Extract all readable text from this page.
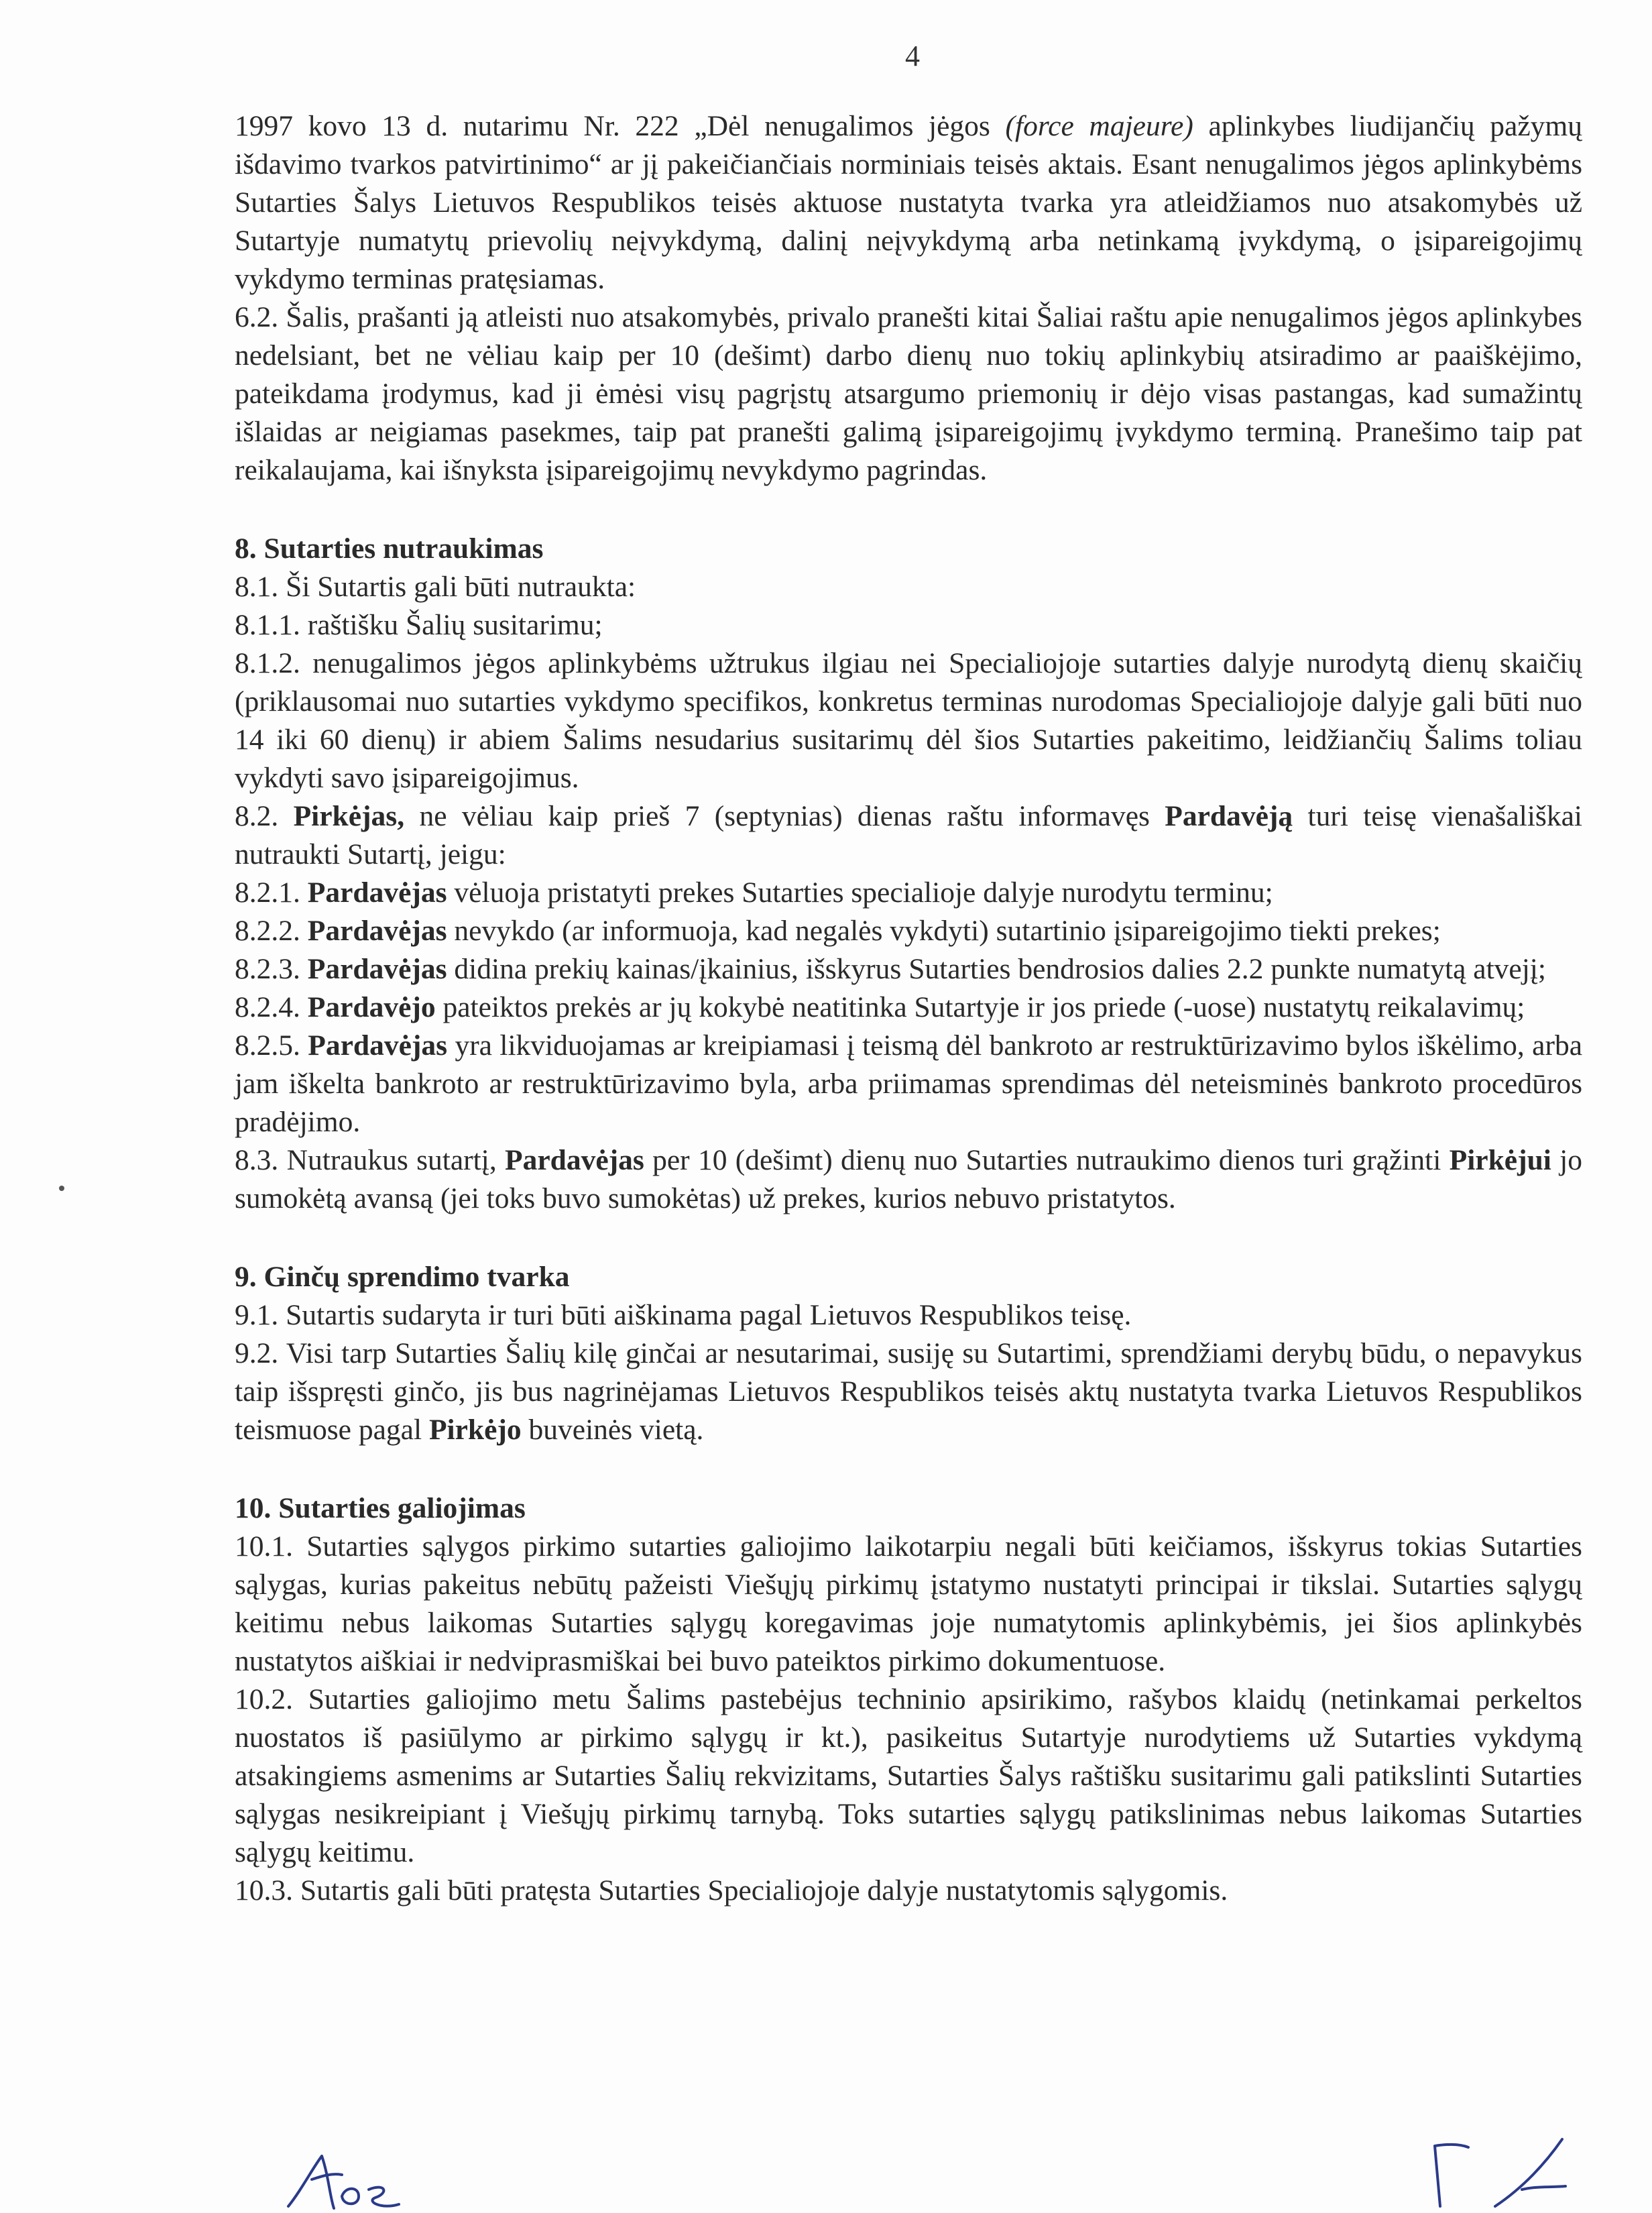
4

1997 kovo 13 d. nutarimu Nr. 222 „Dėl nenugalimos jėgos (force majeure) aplinkybes liudijančių pažymų išdavimo tvarkos patvirtinimo“ ar jį pakeičiančiais norminiais teisės aktais. Esant nenugalimos jėgos aplinkybėms Sutarties Šalys Lietuvos Respublikos teisės aktuose nustatyta tvarka yra atleidžiamos nuo atsakomybės už Sutartyje numatytų prievolių neįvykdymą, dalinį neįvykdymą arba netinkamą įvykdymą, o įsipareigojimų vykdymo terminas pratęsiamas.

6.2. Šalis, prašanti ją atleisti nuo atsakomybės, privalo pranešti kitai Šaliai raštu apie nenugalimos jėgos aplinkybes nedelsiant, bet ne vėliau kaip per 10 (dešimt) darbo dienų nuo tokių aplinkybių atsiradimo ar paaiškėjimo, pateikdama įrodymus, kad ji ėmėsi visų pagrįstų atsargumo priemonių ir dėjo visas pastangas, kad sumažintų išlaidas ar neigiamas pasekmes, taip pat pranešti galimą įsipareigojimų įvykdymo terminą. Pranešimo taip pat reikalaujama, kai išnyksta įsipareigojimų nevykdymo pagrindas.

8. Sutarties nutraukimas

8.1. Ši Sutartis gali būti nutraukta:

8.1.1. raštišku Šalių susitarimu;

8.1.2. nenugalimos jėgos aplinkybėms užtrukus ilgiau nei Specialiojoje sutarties dalyje nurodytą dienų skaičių (priklausomai nuo sutarties vykdymo specifikos, konkretus terminas nurodomas Specialiojoje dalyje gali būti nuo 14 iki 60 dienų) ir abiem Šalims nesudarius susitarimų dėl šios Sutarties pakeitimo, leidžiančių Šalims toliau vykdyti savo įsipareigojimus.

8.2. Pirkėjas, ne vėliau kaip prieš 7 (septynias) dienas raštu informavęs Pardavėją turi teisę vienašališkai nutraukti Sutartį, jeigu:

8.2.1. Pardavėjas vėluoja pristatyti prekes Sutarties specialioje dalyje nurodytu terminu;

8.2.2. Pardavėjas nevykdo (ar informuoja, kad negalės vykdyti) sutartinio įsipareigojimo tiekti prekes;

8.2.3. Pardavėjas didina prekių kainas/įkainius, išskyrus Sutarties bendrosios dalies 2.2 punkte numatytą atvejį;

8.2.4. Pardavėjo pateiktos prekės ar jų kokybė neatitinka Sutartyje ir jos priede (-uose) nustatytų reikalavimų;

8.2.5. Pardavėjas yra likviduojamas ar kreipiamasi į teismą dėl bankroto ar restruktūrizavimo bylos iškėlimo, arba jam iškelta bankroto ar restruktūrizavimo byla, arba priimamas sprendimas dėl neteisminės bankroto procedūros pradėjimo.

8.3. Nutraukus sutartį, Pardavėjas per 10 (dešimt) dienų nuo Sutarties nutraukimo dienos turi grąžinti Pirkėjui jo sumokėtą avansą (jei toks buvo sumokėtas) už prekes, kurios nebuvo pristatytos.

9. Ginčų sprendimo tvarka

9.1. Sutartis sudaryta ir turi būti aiškinama pagal Lietuvos Respublikos teisę.

9.2. Visi tarp Sutarties Šalių kilę ginčai ar nesutarimai, susiję su Sutartimi, sprendžiami derybų būdu, o nepavykus taip išspręsti ginčo, jis bus nagrinėjamas Lietuvos Respublikos teisės aktų nustatyta tvarka Lietuvos Respublikos teismuose pagal Pirkėjo buveinės vietą.

10. Sutarties galiojimas

10.1. Sutarties sąlygos pirkimo sutarties galiojimo laikotarpiu negali būti keičiamos, išskyrus tokias Sutarties sąlygas, kurias pakeitus nebūtų pažeisti Viešųjų pirkimų įstatymo nustatyti principai ir tikslai. Sutarties sąlygų keitimu nebus laikomas Sutarties sąlygų koregavimas joje numatytomis aplinkybėmis, jei šios aplinkybės nustatytos aiškiai ir nedviprasmiškai bei buvo pateiktos pirkimo dokumentuose.

10.2. Sutarties galiojimo metu Šalims pastebėjus techninio apsirikimo, rašybos klaidų (netinkamai perkeltos nuostatos iš pasiūlymo ar pirkimo sąlygų ir kt.), pasikeitus Sutartyje nurodytiems už Sutarties vykdymą atsakingiems asmenims ar Sutarties Šalių rekvizitams, Sutarties Šalys raštišku susitarimu gali patikslinti Sutarties sąlygas nesikreipiant į Viešųjų pirkimų tarnybą. Toks sutarties sąlygų patikslinimas nebus laikomas Sutarties sąlygų keitimu.

10.3. Sutartis gali būti pratęsta Sutarties Specialiojoje dalyje nustatytomis sąlygomis.
